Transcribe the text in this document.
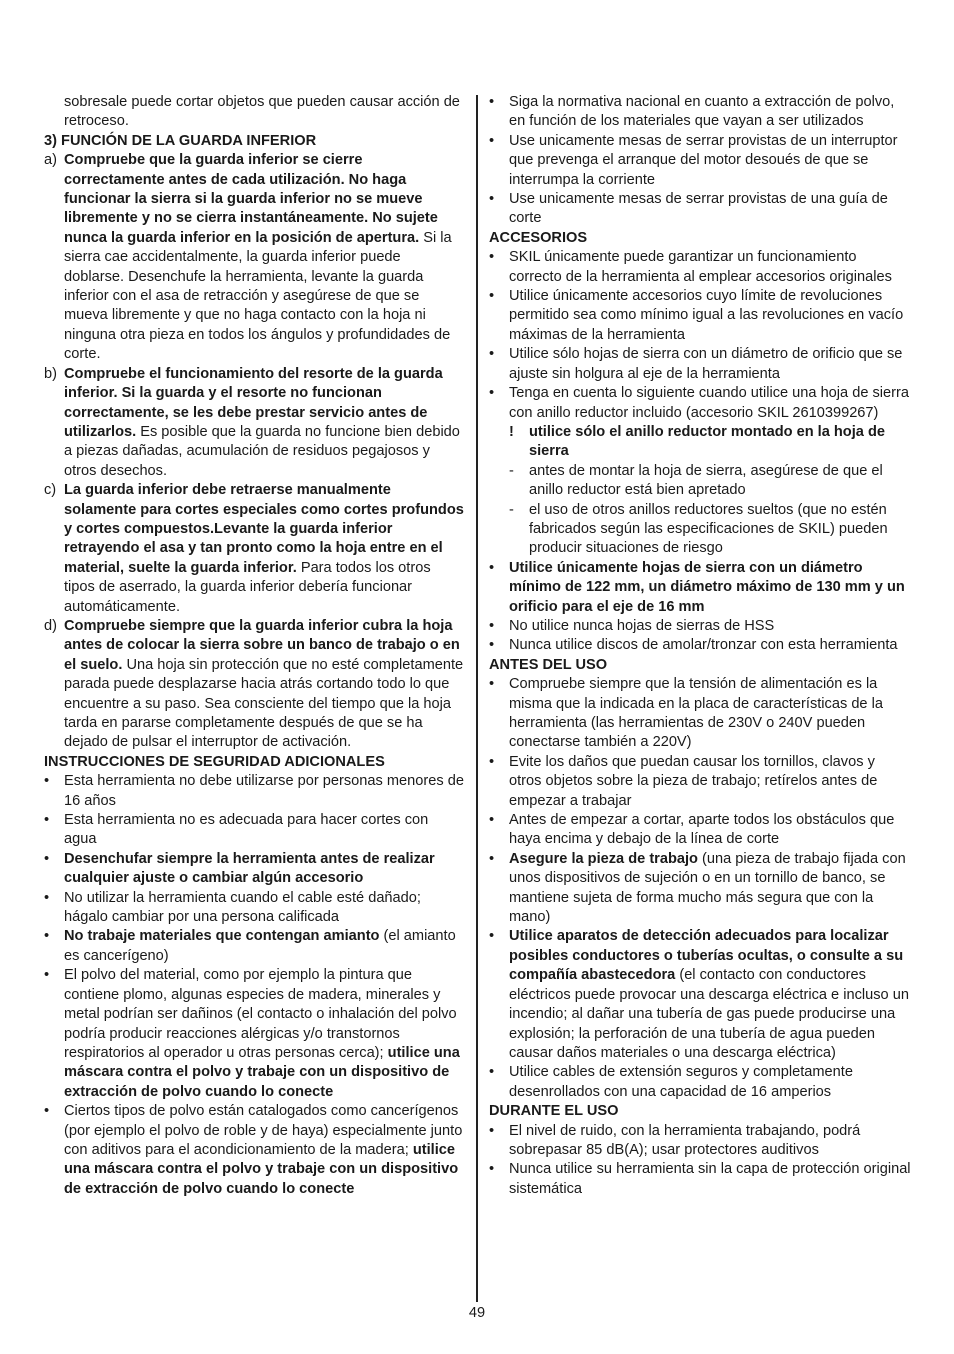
sobresale puede cortar objetos que pueden causar acción de retroceso.
3) FUNCIÓN DE LA GUARDA INFERIOR
a) Compruebe que la guarda inferior se cierre correctamente antes de cada utilización. No haga funcionar la sierra si la guarda inferior no se mueve libremente y no se cierra instantáneamente. No sujete nunca la guarda inferior en la posición de apertura. Si la sierra cae accidentalmente, la guarda inferior puede doblarse. Desenchufe la herramienta, levante la guarda inferior con el asa de retracción y asegúrese de que se mueva libremente y que no haga contacto con la hoja ni ninguna otra pieza en todos los ángulos y profundidades de corte.
b) Compruebe el funcionamiento del resorte de la guarda inferior. Si la guarda y el resorte no funcionan correctamente, se les debe prestar servicio antes de utilizarlos. Es posible que la guarda no funcione bien debido a piezas dañadas, acumulación de residuos pegajosos y otros desechos.
c) La guarda inferior debe retraerse manualmente solamente para cortes especiales como cortes profundos y cortes compuestos.Levante la guarda inferior retrayendo el asa y tan pronto como la hoja entre en el material, suelte la guarda inferior. Para todos los otros tipos de aserrado, la guarda inferior debería funcionar automáticamente.
d) Compruebe siempre que la guarda inferior cubra la hoja antes de colocar la sierra sobre un banco de trabajo o en el suelo. Una hoja sin protección que no esté completamente parada puede desplazarse hacia atrás cortando todo lo que encuentre a su paso. Sea consciente del tiempo que la hoja tarda en pararse completamente después de que se ha dejado de pulsar el interruptor de activación.
INSTRUCCIONES DE SEGURIDAD ADICIONALES
• Esta herramienta no debe utilizarse por personas menores de 16 años
• Esta herramienta no es adecuada para hacer cortes con agua
• Desenchufar siempre la herramienta antes de realizar cualquier ajuste o cambiar algún accesorio
• No utilizar la herramienta cuando el cable esté dañado; hágalo cambiar por una persona calificada
• No trabaje materiales que contengan amianto (el amianto es cancerígeno)
• El polvo del material, como por ejemplo la pintura que contiene plomo, algunas especies de madera, minerales y metal podrían ser dañinos (el contacto o inhalación del polvo podría producir reacciones alérgicas y/o transtornos respiratorios al operador u otras personas cerca); utilice una máscara contra el polvo y trabaje con un dispositivo de extracción de polvo cuando lo conecte
• Ciertos tipos de polvo están catalogados como cancerígenos (por ejemplo el polvo de roble y de haya) especialmente junto con aditivos para el acondicionamiento de la madera; utilice una máscara contra el polvo y trabaje con un dispositivo de extracción de polvo cuando lo conecte
• Siga la normativa nacional en cuanto a extracción de polvo, en función de los materiales que vayan a ser utilizados
• Use unicamente mesas de serrar provistas de un interruptor que prevenga el arranque del motor desoués de que se interrumpa la corriente
• Use unicamente mesas de serrar provistas de una guía de corte
ACCESORIOS
• SKIL únicamente puede garantizar un funcionamiento correcto de la herramienta al emplear accesorios originales
• Utilice únicamente accesorios cuyo límite de revoluciones permitido sea como mínimo igual a las revoluciones en vacío máximas de la herramienta
• Utilice sólo hojas de sierra con un diámetro de orificio que se ajuste sin holgura al eje de la herramienta
• Tenga en cuenta lo siguiente cuando utilice una hoja de sierra con anillo reductor incluido (accesorio SKIL 2610399267)
! utilice sólo el anillo reductor montado en la hoja de sierra
- antes de montar la hoja de sierra, asegúrese de que el anillo reductor está bien apretado
- el uso de otros anillos reductores sueltos (que no estén fabricados según las especificaciones de SKIL) pueden producir situaciones de riesgo
• Utilice únicamente hojas de sierra con un diámetro mínimo de 122 mm, un diámetro máximo de 130 mm y un orificio para el eje de 16 mm
• No utilice nunca hojas de sierras de HSS
• Nunca utilice discos de amolar/tronzar con esta herramienta
ANTES DEL USO
• Compruebe siempre que la tensión de alimentación es la misma que la indicada en la placa de características de la herramienta (las herramientas de 230V o 240V pueden conectarse también a 220V)
• Evite los daños que puedan causar los tornillos, clavos y otros objetos sobre la pieza de trabajo; retírelos antes de empezar a trabajar
• Antes de empezar a cortar, aparte todos los obstáculos que haya encima y debajo de la línea de corte
• Asegure la pieza de trabajo (una pieza de trabajo fijada con unos dispositivos de sujeción o en un tornillo de banco, se mantiene sujeta de forma mucho más segura que con la mano)
• Utilice aparatos de detección adecuados para localizar posibles conductores o tuberías ocultas, o consulte a su compañía abastecedora (el contacto con conductores eléctricos puede provocar una descarga eléctrica e incluso un incendio; al dañar una tubería de gas puede producirse una explosión; la perforación de una tubería de agua pueden causar daños materiales o una descarga eléctrica)
• Utilice cables de extensión seguros y completamente desenrollados con una capacidad de 16 amperios
DURANTE EL USO
• El nivel de ruido, con la herramienta trabajando, podrá sobrepasar 85 dB(A); usar protectores auditivos
• Nunca utilice su herramienta sin la capa de protección original sistemática
49
